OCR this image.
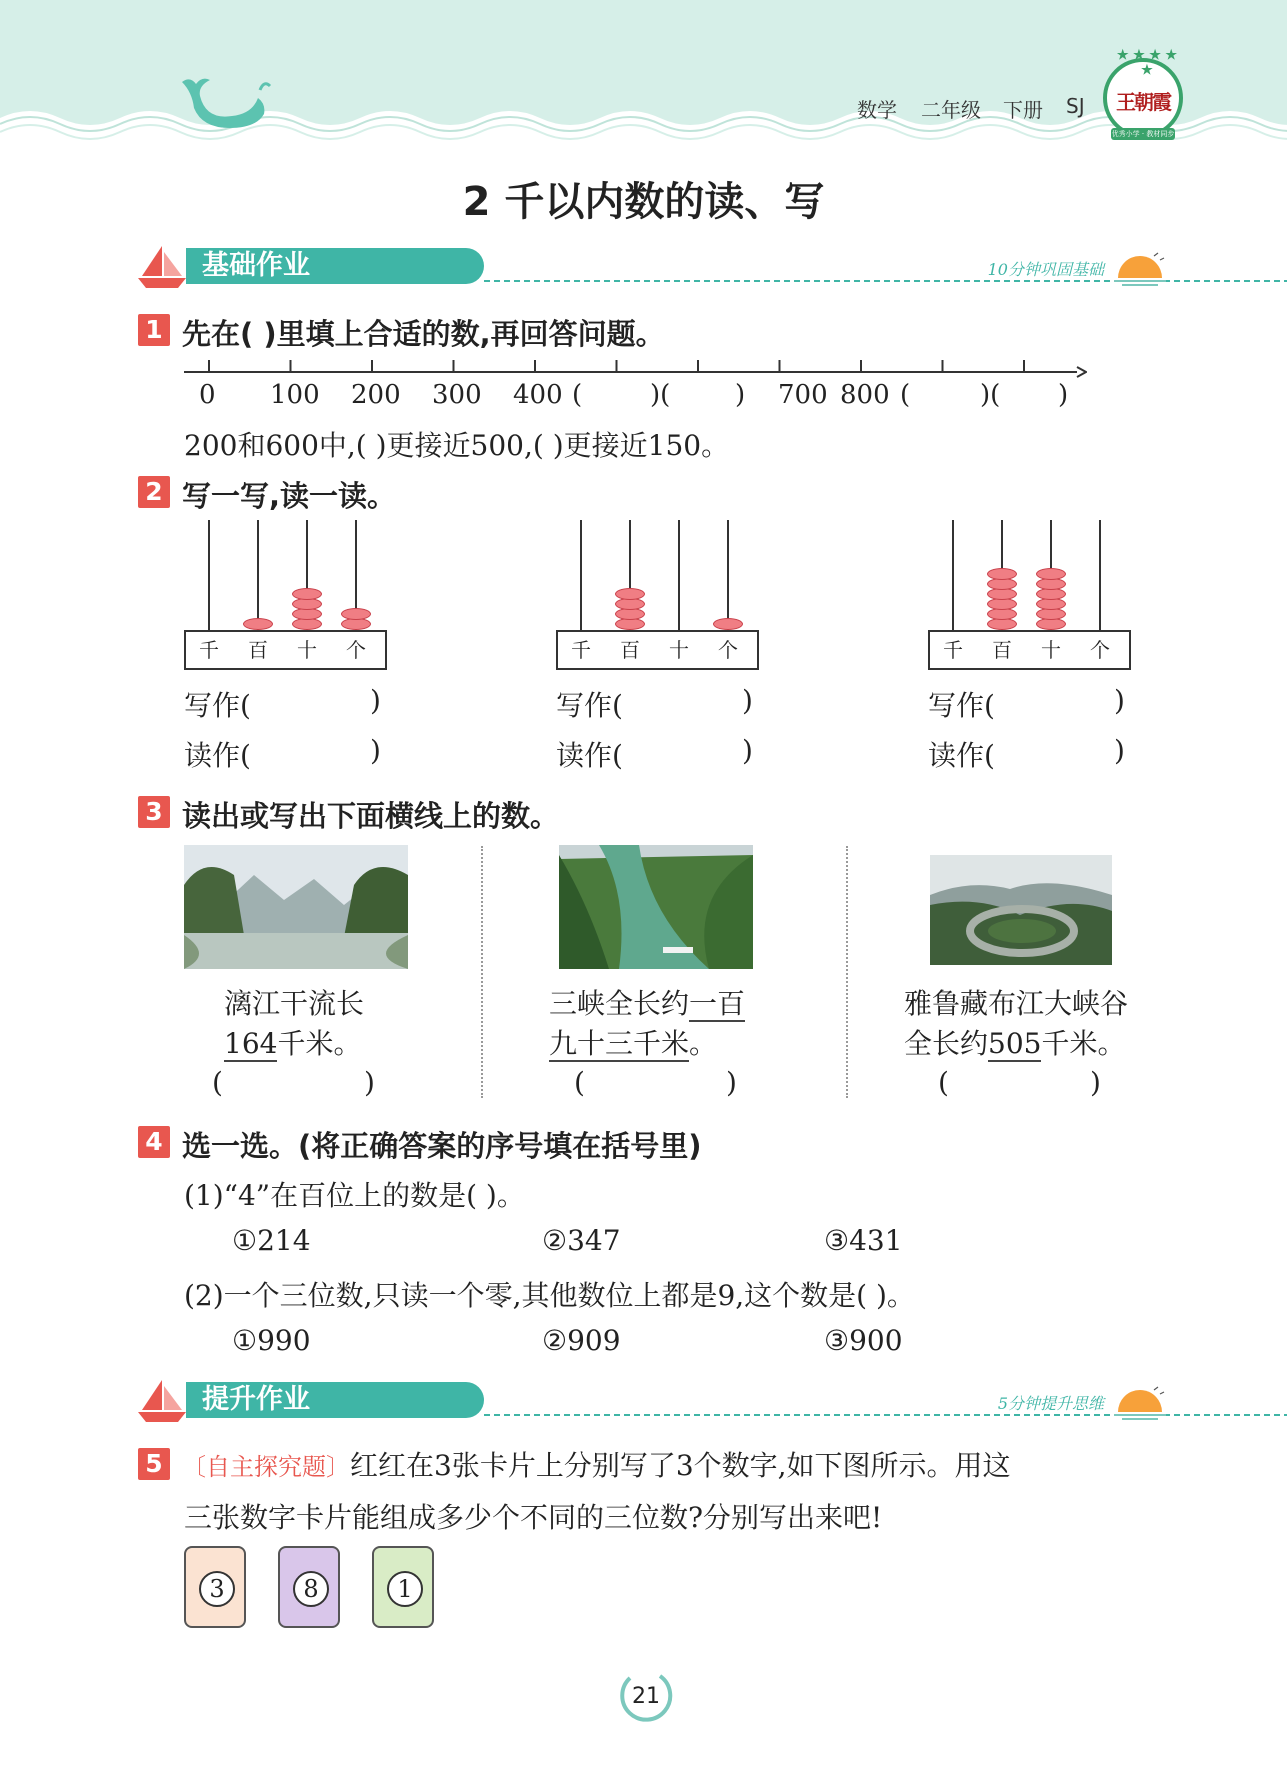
数学 二年级 下册 SJ
★ ★ ★ ★ ★
王朝霞
优秀小学 · 教材同步
2 千以内数的读、写
基础作业	10分钟巩固基础
1 先在( )里填上合适的数,再回答问题。
0 100 200 300 400 (	)( ) 700 800 (	)( )
200和600中,( )更接近500,( )更接近150。
2 写一写,读一读。
千 百 十 个
写作(	)
读作(	)
千 百 十 个
写作(	)
读作(	)
千 百 十 个
写作(	)
读作(	)
3 读出或写出下面横线上的数。
漓江干流长
164千米。
(	)
三峡全长约一百
九十三千米。
(	)
雅鲁藏布江大峡谷
全长约505千米。
(	)
4 选一选。(将正确答案的序号填在括号里)
(1)“4”在百位上的数是( )。
①214	②347	③431
(2)一个三位数,只读一个零,其他数位上都是9,这个数是( )。
①990	②909	③900
提升作业	5分钟提升思维
5 〔自主探究题〕红红在3张卡片上分别写了3个数字,如下图所示。用这
三张数字卡片能组成多少个不同的三位数?分别写出来吧!
3	8	1
21
